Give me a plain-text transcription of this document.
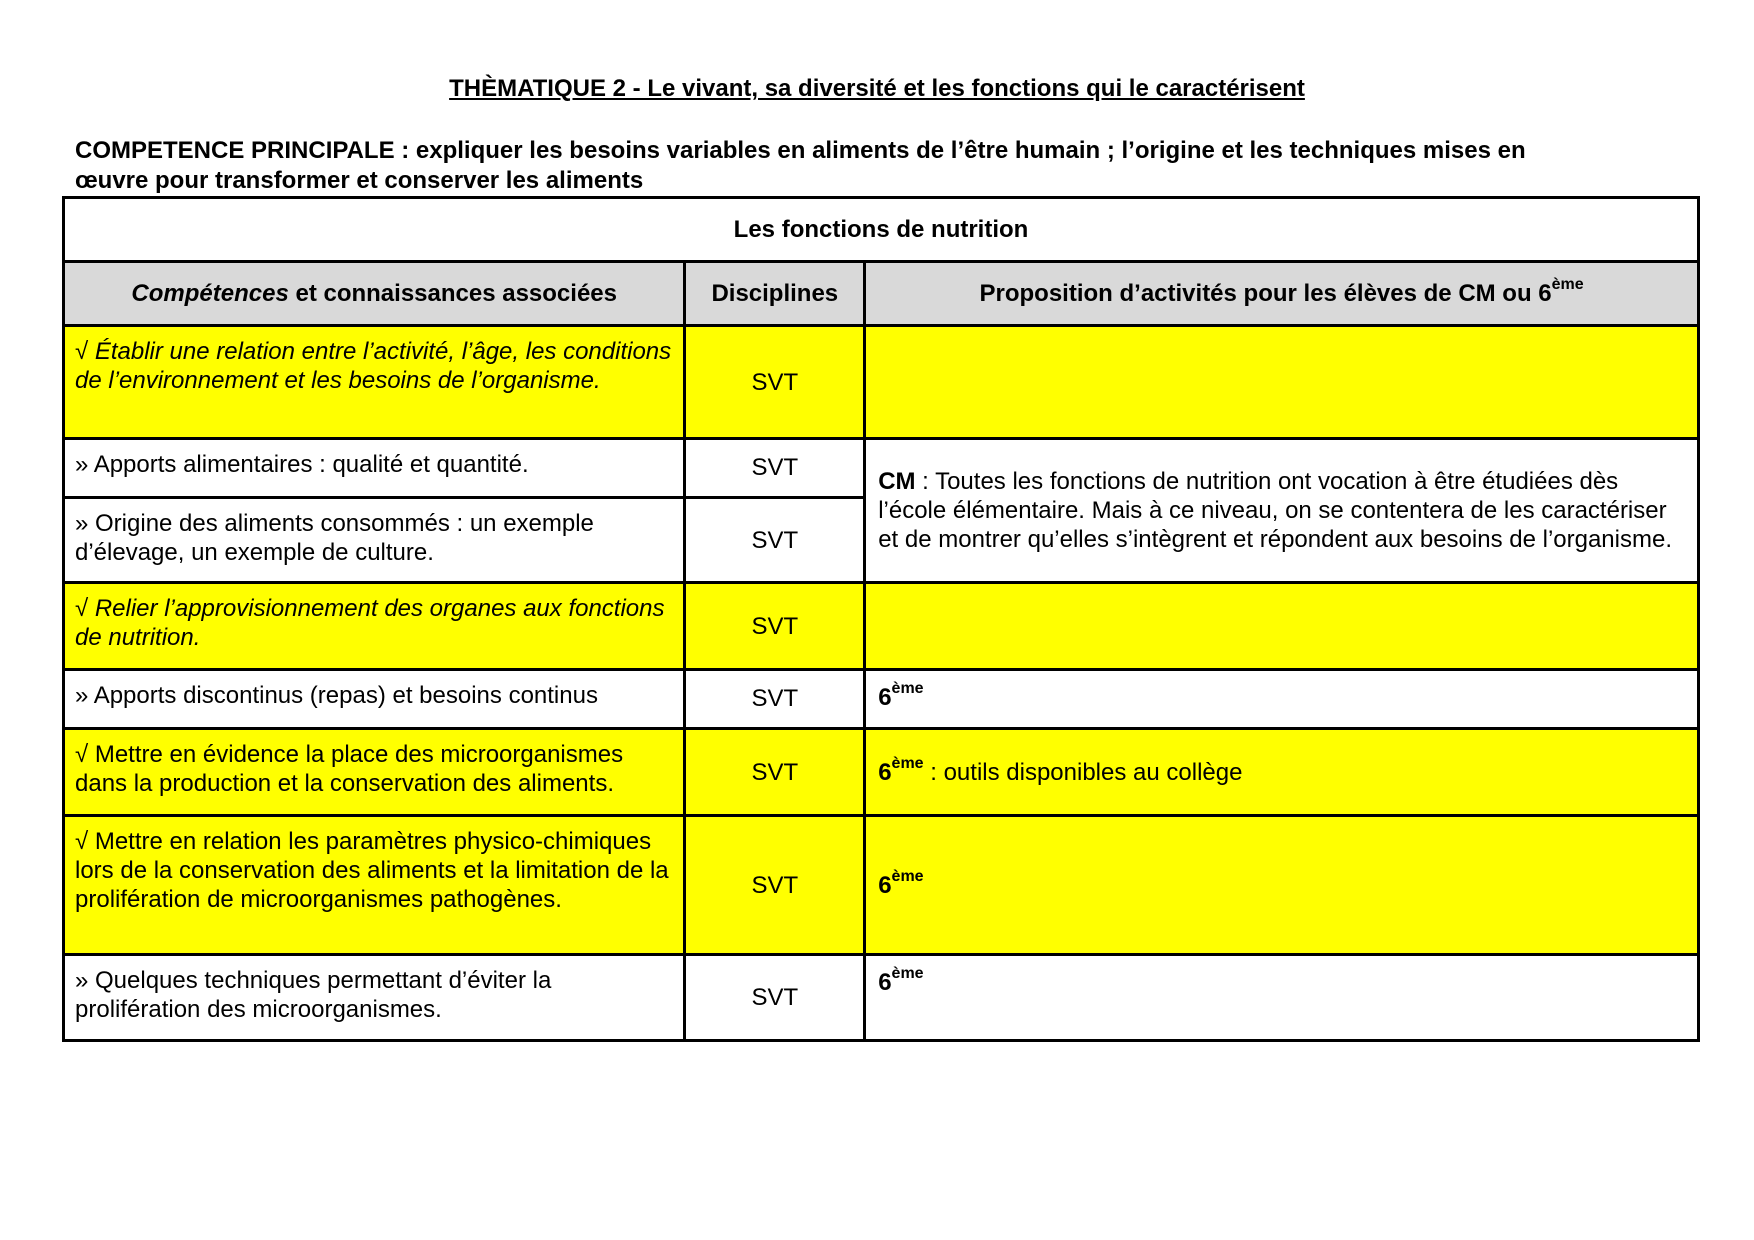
THÈMATIQUE 2 - Le vivant, sa diversité et les fonctions qui le caractérisent
COMPETENCE PRINCIPALE : expliquer les besoins variables en aliments de l’être humain ; l’origine et les techniques mises en
œuvre pour transformer et conserver les aliments
Les fonctions de nutrition		
Compétences et connaissances associées	Disciplines	Proposition d’activités pour les élèves de CM ou 6ème
√ Établir une relation entre l’activité, l’âge, les conditions de l’environnement et les besoins de l’organisme.	SVT	
» Apports alimentaires : qualité et quantité.	SVT	CM : Toutes les fonctions de nutrition ont vocation à être étudiées dès l’école élémentaire. Mais à ce niveau, on se contentera de les caractériser et de montrer qu’elles s’intègrent et répondent aux besoins de l’organisme.
» Origine des aliments consommés : un exemple d’élevage, un exemple de culture.	SVT	
√ Relier l’approvisionnement des organes aux fonctions de nutrition.	SVT	
» Apports discontinus (repas) et besoins continus	SVT	6ème
√ Mettre en évidence la place des microorganismes dans la production et la conservation des aliments.	SVT	6ème : outils disponibles au collège
√ Mettre en relation les paramètres physico-chimiques lors de la conservation des aliments et la limitation de la prolifération de microorganismes pathogènes.	SVT	6ème
» Quelques techniques permettant d’éviter la prolifération des microorganismes.	SVT	6ème
